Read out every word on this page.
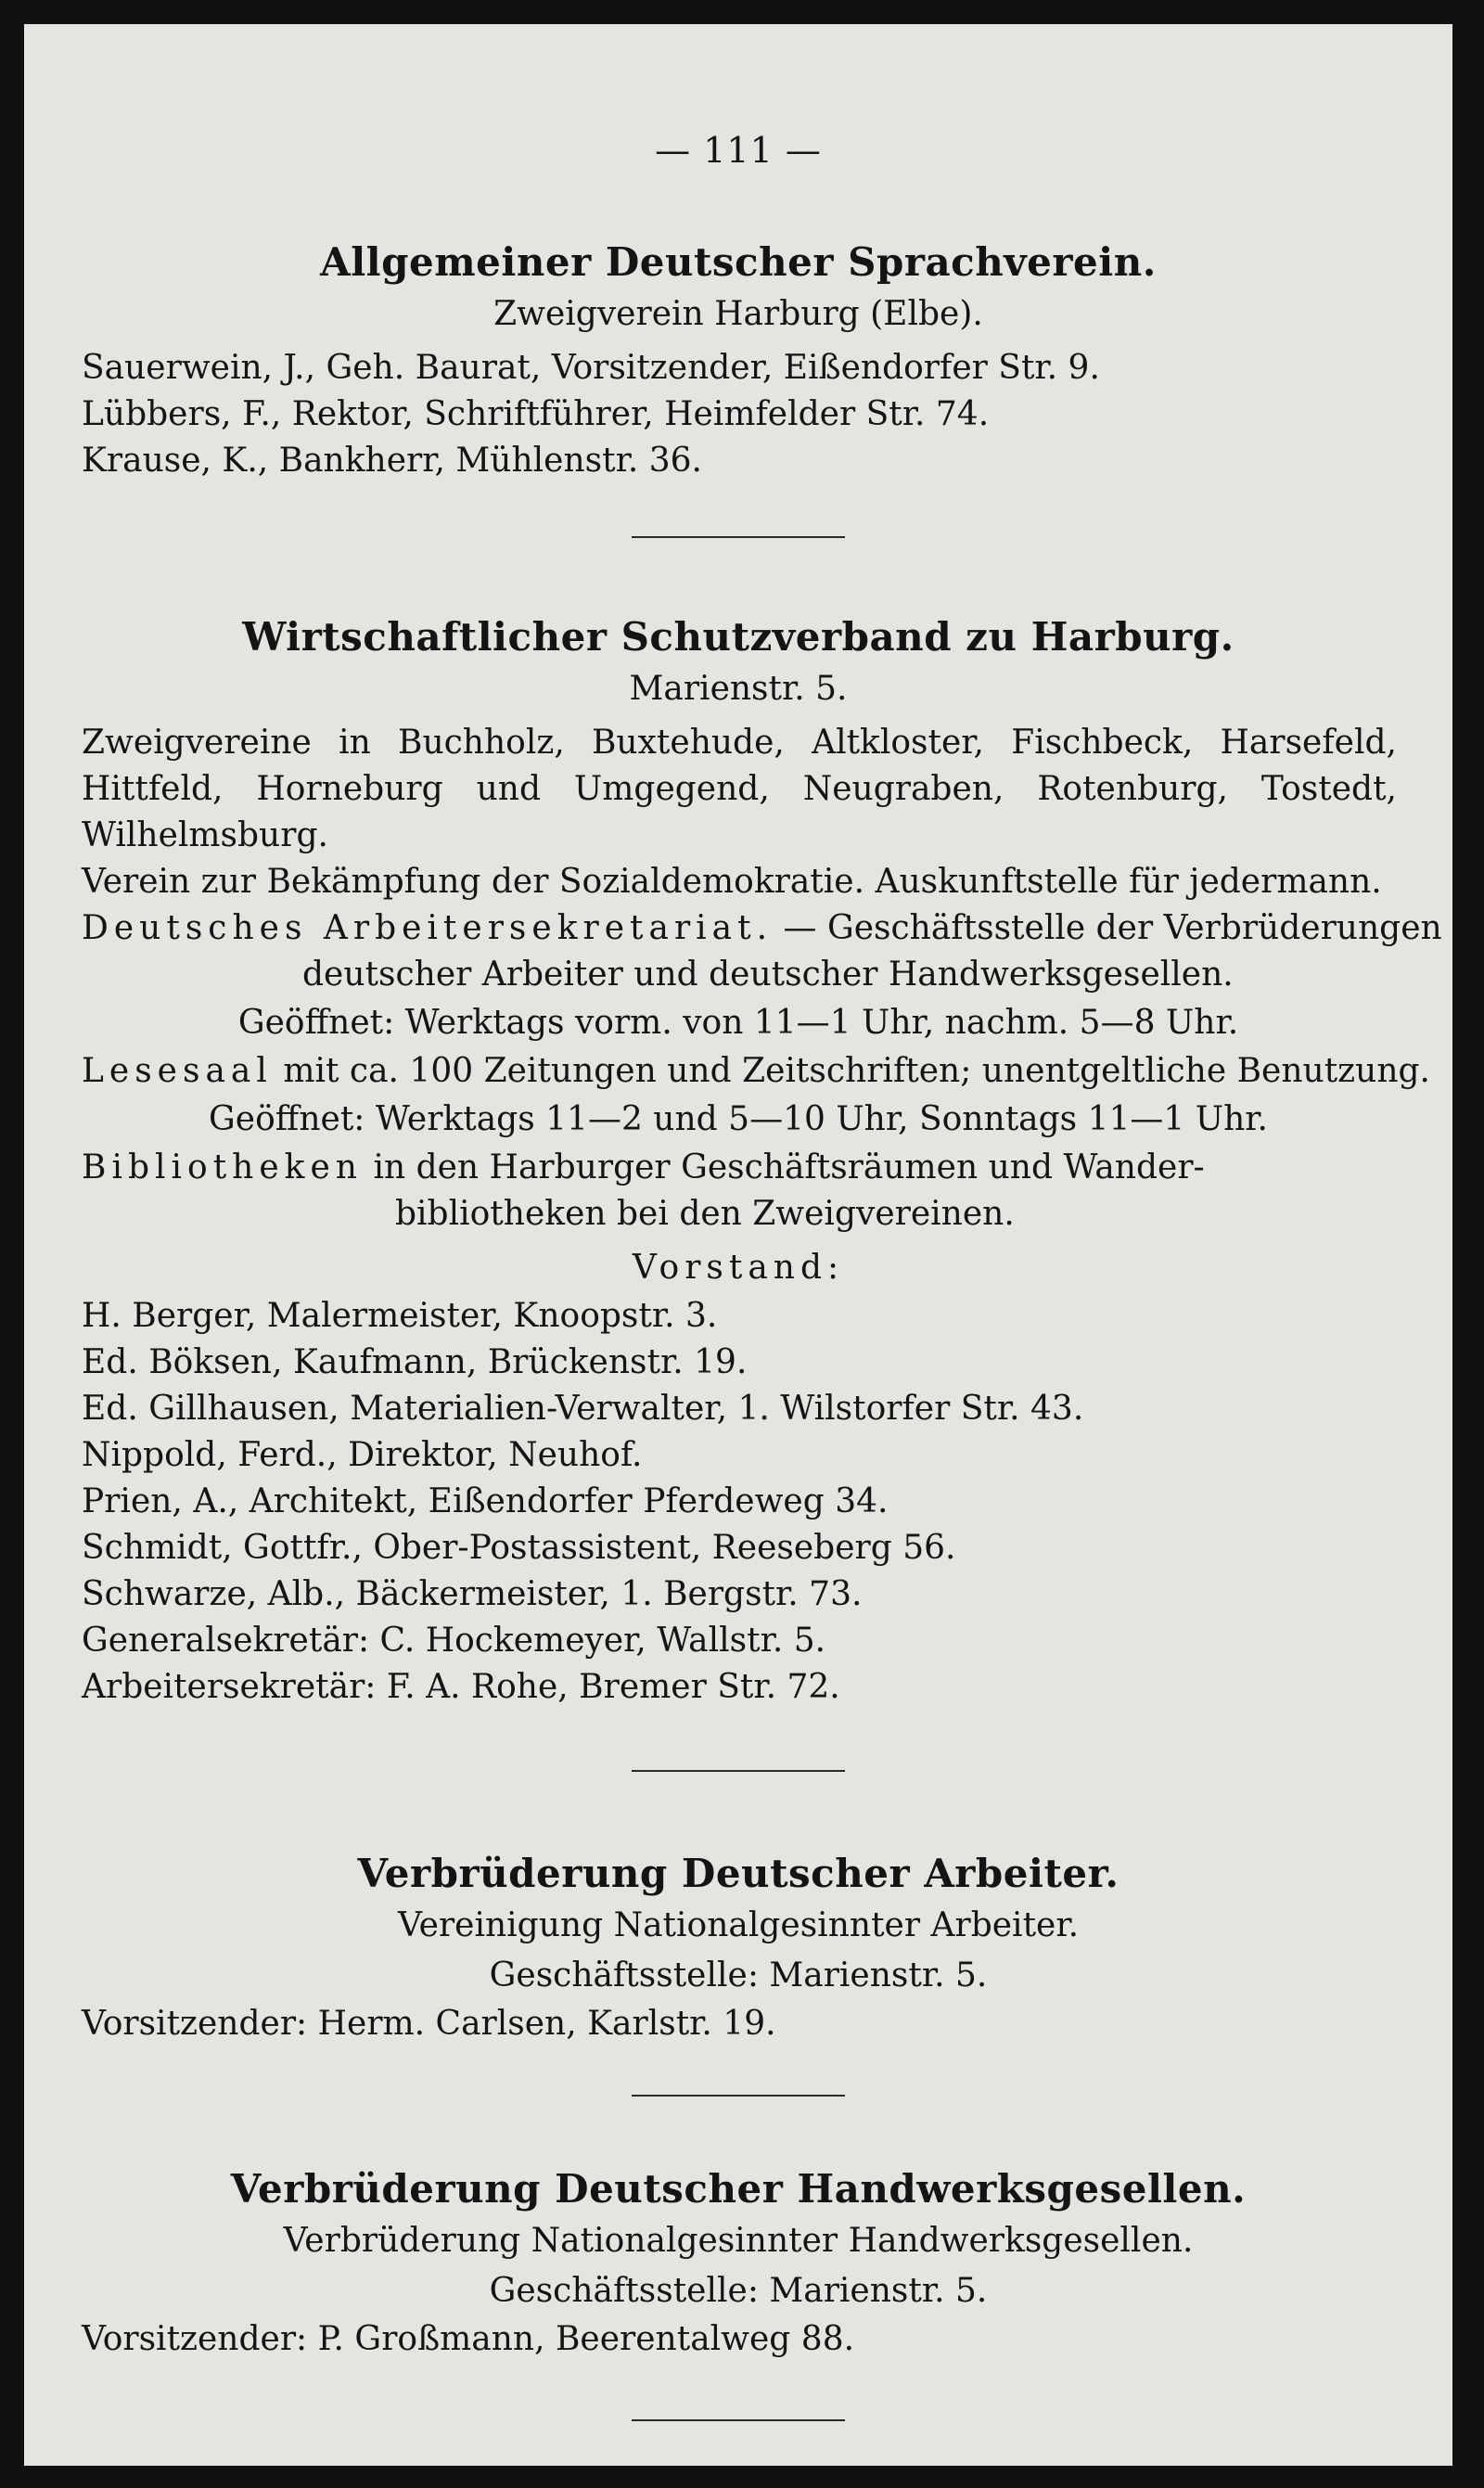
— 111 —
Allgemeiner Deutscher Sprachverein.
Zweigverein Harburg (Elbe).
Sauerwein, J., Geh. Baurat, Vorsitzender, Eißendorfer Str. 9.
Lübbers, F., Rektor, Schriftführer, Heimfelder Str. 74.
Krause, K., Bankherr, Mühlenstr. 36.
Wirtschaftlicher Schutzverband zu Harburg.
Marienstr. 5.
Zweigvereine in Buchholz, Buxtehude, Altkloster, Fischbeck, Harsefeld, Hittfeld, Horneburg und Umgegend, Neugraben, Rotenburg, Tostedt, Wilhelmsburg.
Verein zur Bekämpfung der Sozialdemokratie. Auskunftstelle für jedermann.
Deutsches Arbeitersekretariat. — Geschäftsstelle der Verbrüderungen
deutscher Arbeiter und deutscher Handwerksgesellen.
Geöffnet: Werktags vorm. von 11—1 Uhr, nachm. 5—8 Uhr.
Lesesaal mit ca. 100 Zeitungen und Zeitschriften; unentgeltliche Benutzung.
Geöffnet: Werktags 11—2 und 5—10 Uhr, Sonntags 11—1 Uhr.
Bibliotheken in den Harburger Geschäftsräumen und Wander-
bibliotheken bei den Zweigvereinen.
Vorstand:
H. Berger, Malermeister, Knoopstr. 3.
Ed. Böksen, Kaufmann, Brückenstr. 19.
Ed. Gillhausen, Materialien-Verwalter, 1. Wilstorfer Str. 43.
Nippold, Ferd., Direktor, Neuhof.
Prien, A., Architekt, Eißendorfer Pferdeweg 34.
Schmidt, Gottfr., Ober-Postassistent, Reeseberg 56.
Schwarze, Alb., Bäckermeister, 1. Bergstr. 73.
Generalsekretär: C. Hockemeyer, Wallstr. 5.
Arbeitersekretär: F. A. Rohe, Bremer Str. 72.
Verbrüderung Deutscher Arbeiter.
Vereinigung Nationalgesinnter Arbeiter.
Geschäftsstelle: Marienstr. 5.
Vorsitzender: Herm. Carlsen, Karlstr. 19.
Verbrüderung Deutscher Handwerksgesellen.
Verbrüderung Nationalgesinnter Handwerksgesellen.
Geschäftsstelle: Marienstr. 5.
Vorsitzender: P. Großmann, Beerentalweg 88.
